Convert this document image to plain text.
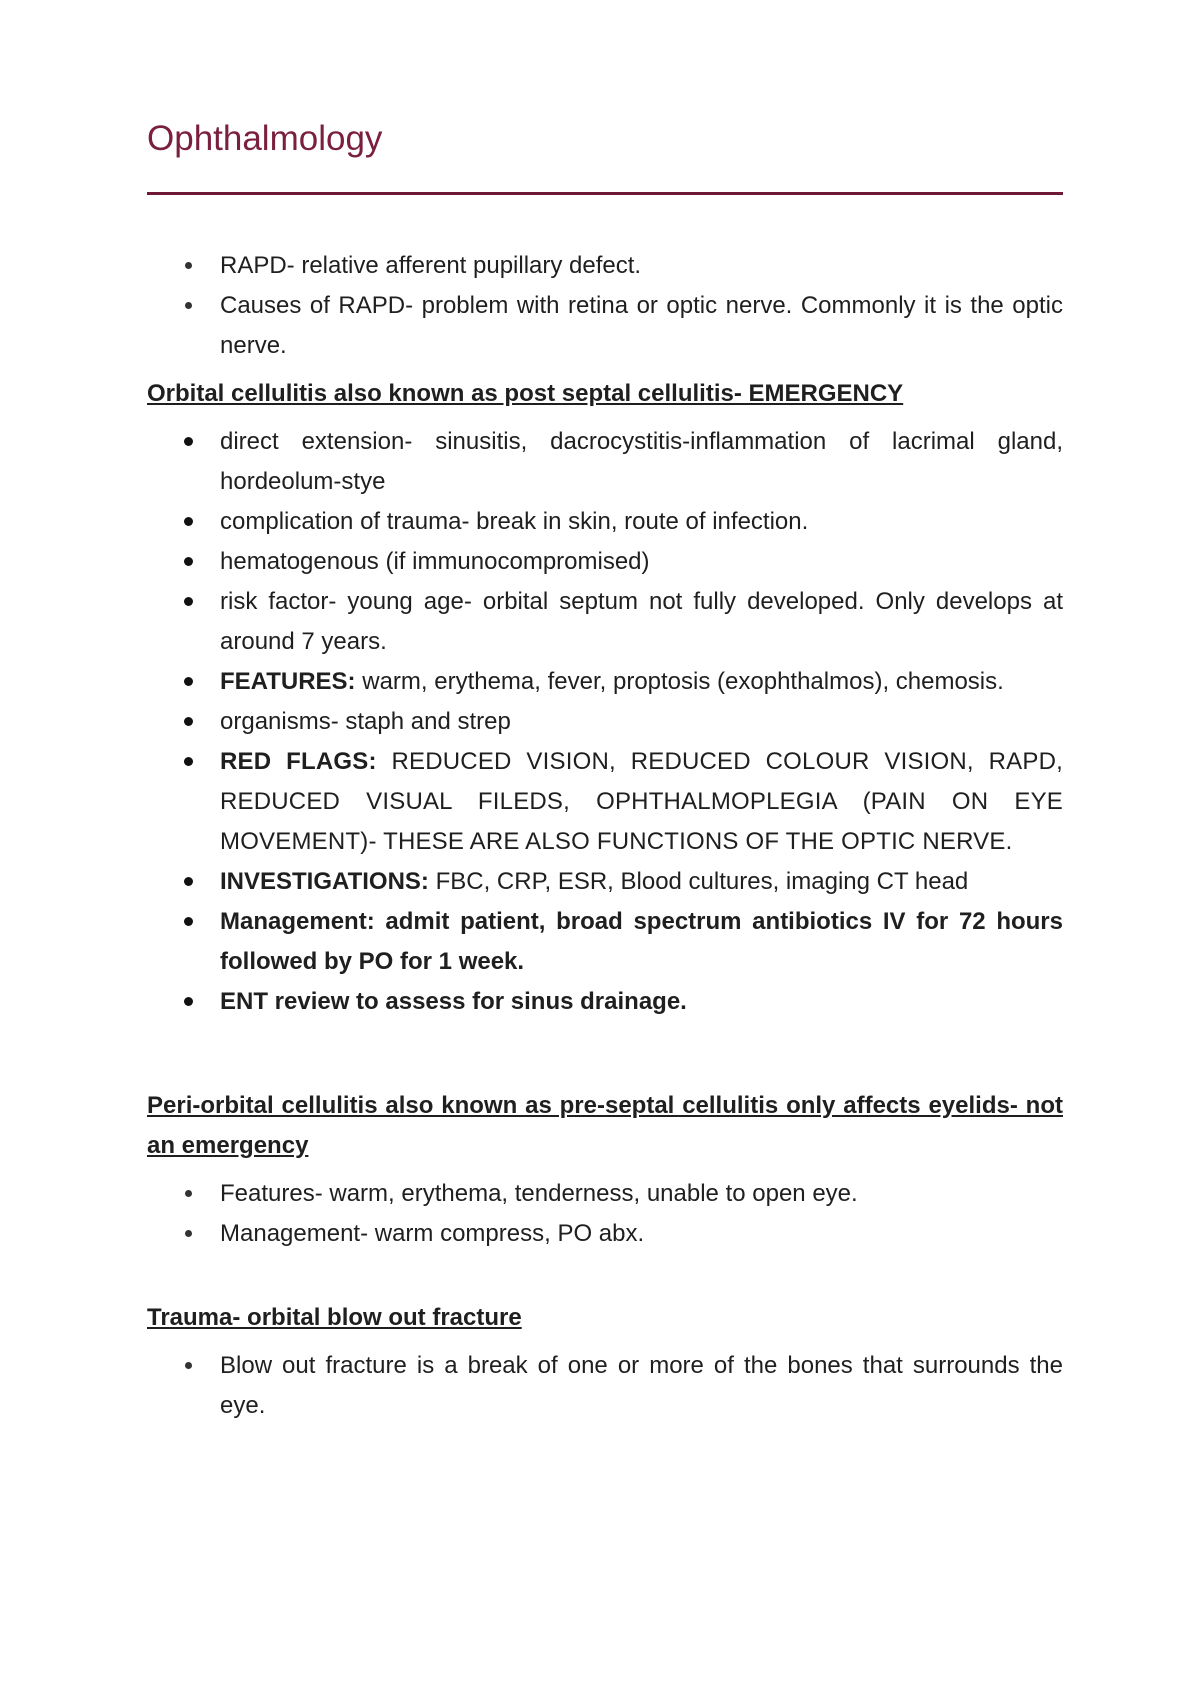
Ophthalmology
RAPD- relative afferent pupillary defect.
Causes of RAPD- problem with retina or optic nerve. Commonly it is the optic nerve.

Orbital cellulitis also known as post septal cellulitis- EMERGENCY

direct extension- sinusitis, dacrocystitis-inflammation of lacrimal gland, hordeolum-stye
complication of trauma- break in skin, route of infection.
hematogenous (if immunocompromised)
risk factor- young age- orbital septum not fully developed. Only develops at around 7 years.
FEATURES: warm, erythema, fever, proptosis (exophthalmos), chemosis.
organisms- staph and strep
RED FLAGS: REDUCED VISION, REDUCED COLOUR VISION, RAPD, REDUCED VISUAL FILEDS, OPHTHALMOPLEGIA (PAIN ON EYE MOVEMENT)- THESE ARE ALSO FUNCTIONS OF THE OPTIC NERVE.
INVESTIGATIONS: FBC, CRP, ESR, Blood cultures, imaging CT head
Management: admit patient, broad spectrum antibiotics IV for 72 hours followed by PO for 1 week.
ENT review to assess for sinus drainage.

Peri-orbital cellulitis also known as pre-septal cellulitis only affects eyelids- not an emergency

Features- warm, erythema, tenderness, unable to open eye.
Management- warm compress, PO abx.

Trauma- orbital blow out fracture

Blow out fracture is a break of one or more of the bones that surrounds the eye.
